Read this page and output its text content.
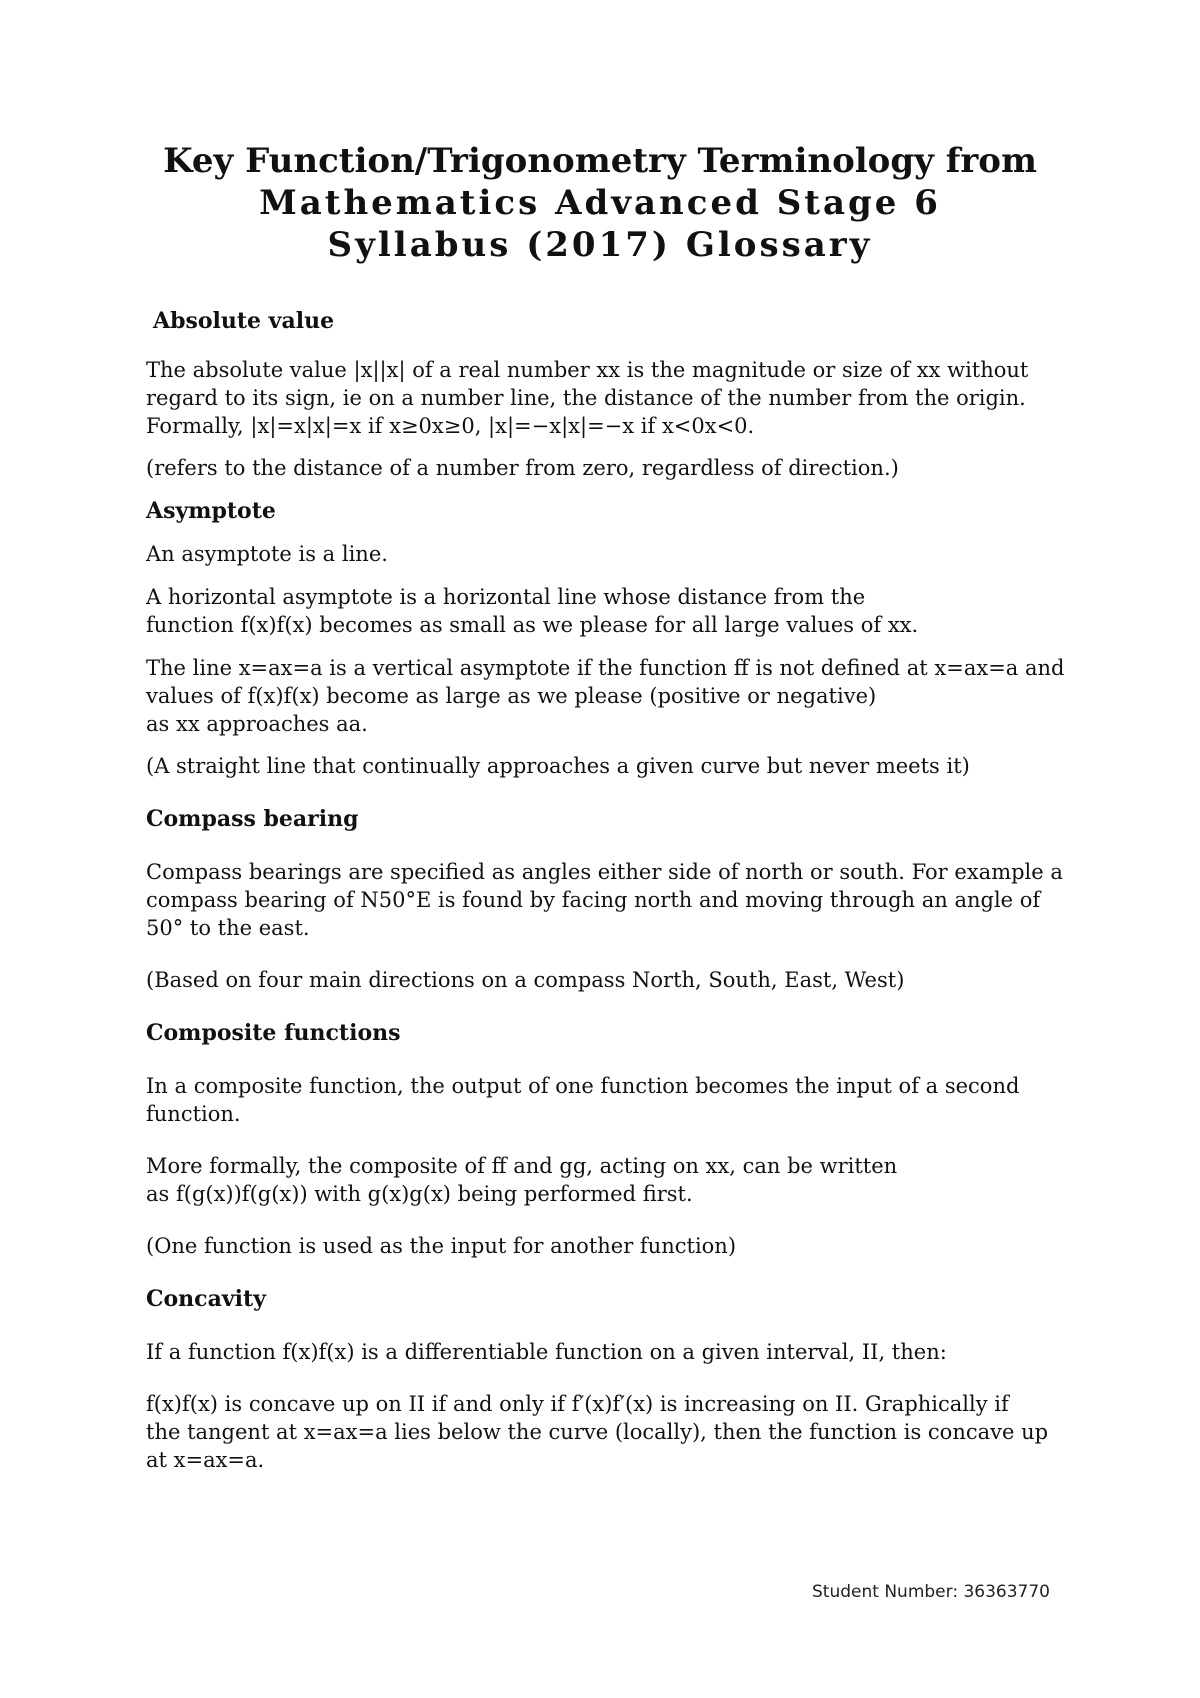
Key Function/Trigonometry Terminology from
Mathematics Advanced Stage 6
Syllabus (2017) Glossary
Absolute value

The absolute value |x||x| of a real number xx is the magnitude or size of xx without

regard to its sign, ie on a number line, the distance of the number from the origin.

Formally, |x|=x|x|=x if x≥0x≥0, |x|=−x|x|=−x if x<0x<0.

(refers to the distance of a number from zero, regardless of direction.)

Asymptote

An asymptote is a line.

A horizontal asymptote is a horizontal line whose distance from the

function f(x)f(x) becomes as small as we please for all large values of xx.

The line x=ax=a is a vertical asymptote if the function ff is not defined at x=ax=a and

values of f(x)f(x) become as large as we please (positive or negative)

as xx approaches aa.

(A straight line that continually approaches a given curve but never meets it)

Compass bearing

Compass bearings are specified as angles either side of north or south. For example a

compass bearing of N50°E is found by facing north and moving through an angle of

50° to the east.

(Based on four main directions on a compass North, South, East, West)

Composite functions

In a composite function, the output of one function becomes the input of a second

function.

More formally, the composite of ff and gg, acting on xx, can be written

as f(g(x))f(g(x)) with g(x)g(x) being performed first.

(One function is used as the input for another function)

Concavity

If a function f(x)f(x) is a differentiable function on a given interval, II, then:

f(x)f(x) is concave up on II if and only if f′(x)f′(x) is increasing on II. Graphically if

the tangent at x=ax=a lies below the curve (locally), then the function is concave up

at x=ax=a.

Student Number: 36363770
